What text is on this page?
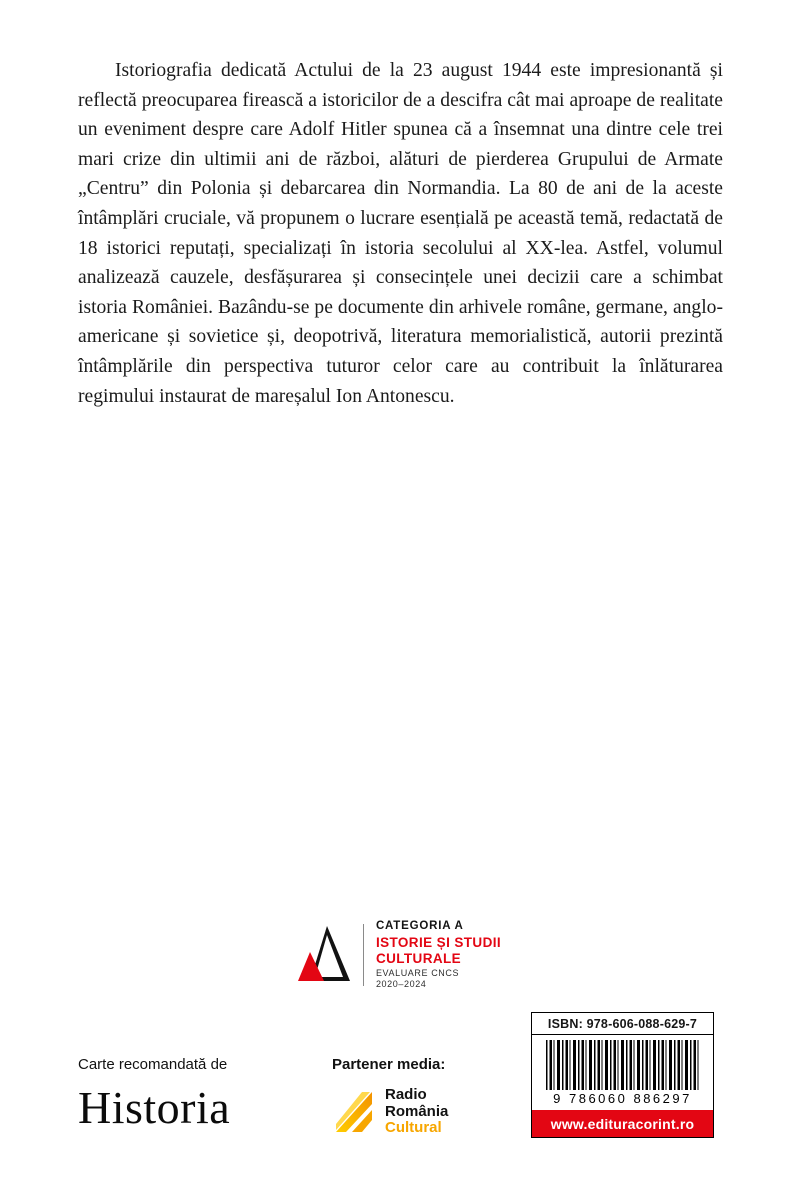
Istoriografia dedicată Actului de la 23 august 1944 este impresionantă și reflectă preocuparea firească a istoricilor de a descifra cât mai aproape de realitate un eveniment despre care Adolf Hitler spunea că a însemnat una dintre cele trei mari crize din ultimii ani de război, alături de pierderea Grupului de Armate „Centru” din Polonia și debarcarea din Normandia. La 80 de ani de la aceste întâmplări cruciale, vă propunem o lucrare esențială pe această temă, redactată de 18 istorici reputați, specializați în istoria secolului al XX-lea. Astfel, volumul analizează cauzele, desfășurarea și consecințele unei decizii care a schimbat istoria României. Bazându-se pe documente din arhivele române, germane, anglo-americane și sovietice și, deopotrivă, literatura memorialistică, autorii prezintă întâmplările din perspectiva tuturor celor care au contribuit la înlăturarea regimului instaurat de mareșalul Ion Antonescu.

CATEGORIA A
ISTORIE ȘI STUDII
CULTURALE
EVALUARE CNCS
2020–2024
Carte recomandată de
Historia
Partener media:
Radio
România
Cultural
ISBN: 978-606-088-629-7
9 786060 886297
www.edituracorint.ro
